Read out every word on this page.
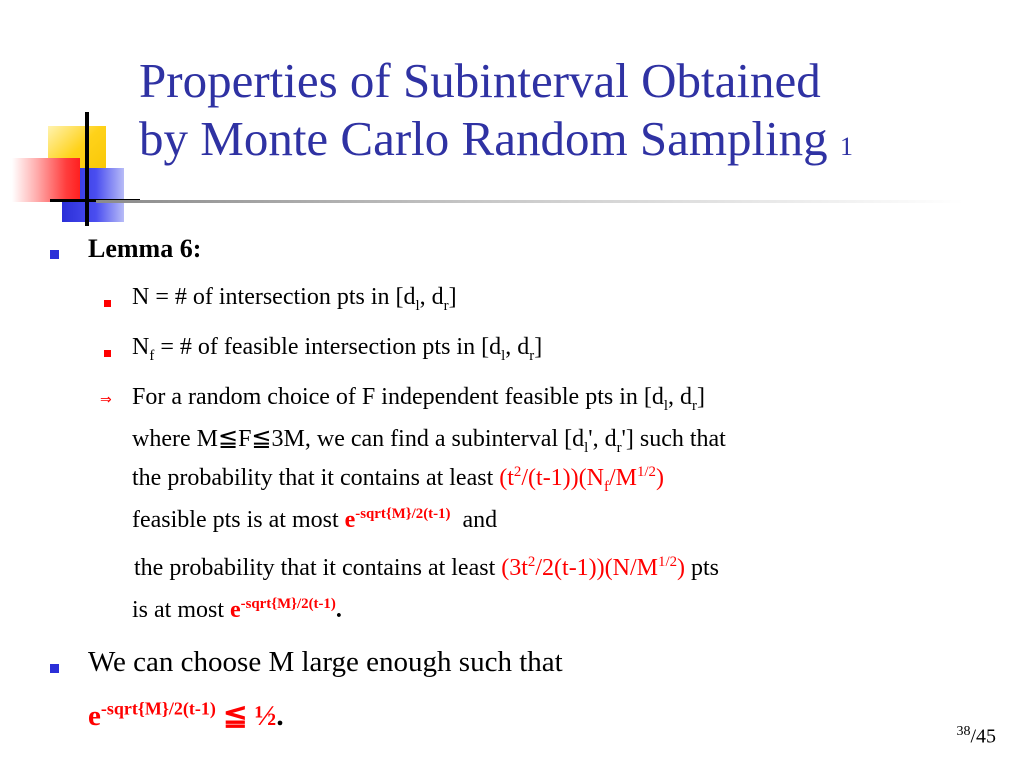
Properties of Subinterval Obtained
by Monte Carlo Random Sampling 1
Lemma 6:
N = # of intersection pts in [$d_l$, $d_r$]
$N_f$ = # of feasible intersection pts in [$d_l$, $d_r$]
⇒ For a random choice of F independent feasible pts in [$d_l$, $d_r$]
where M≦F≦3M, we can find a subinterval [$d_l'$, $d_r'$] such that
the probability that it contains at least $(t^2/(t-1))(N_f/M^{1/2})$
feasible pts is at most $e^{-sqrt\{M\}/2(t-1)}$  and
the probability that it contains at least $(3t^2/2(t-1))(N/M^{1/2})$ pts
is at most $e^{-sqrt\{M\}/2(t-1)}$.
We can choose M large enough such that
$e^{-sqrt\{M\}/2(t-1)}$ ≦ ½.	$^{38}$/45
